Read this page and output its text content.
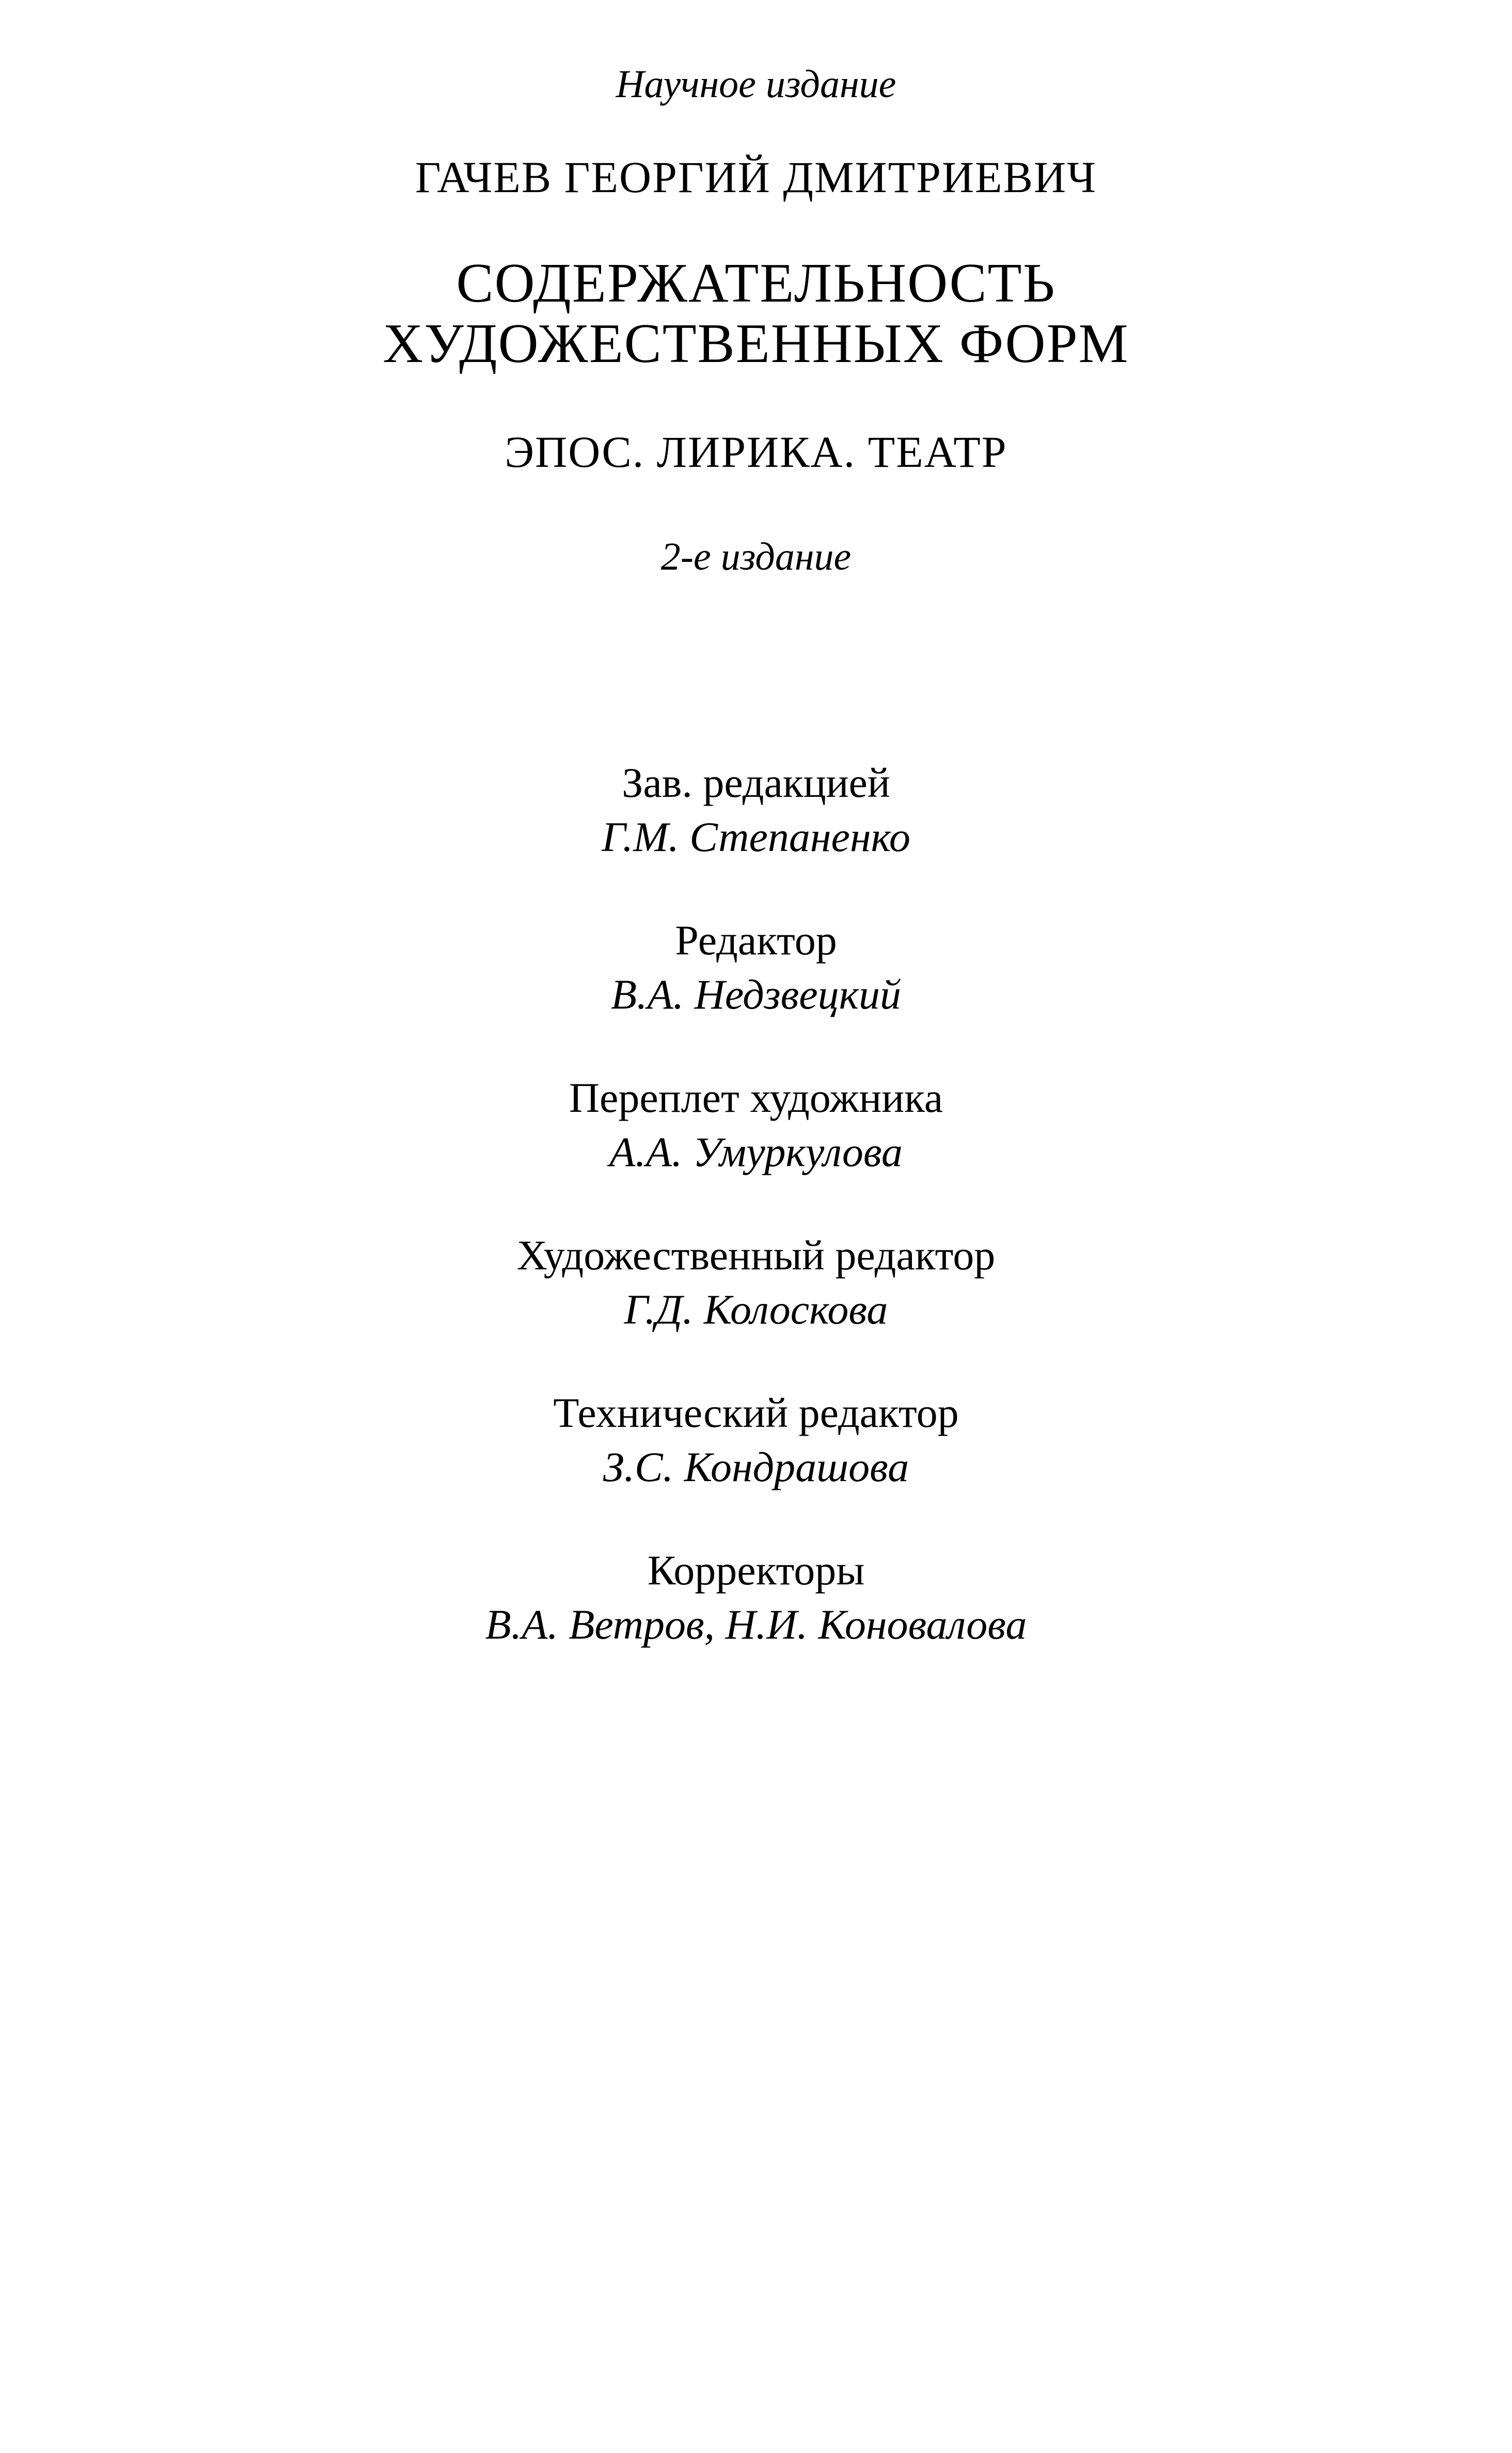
Научное издание
ГАЧЕВ ГЕОРГИЙ ДМИТРИЕВИЧ
СОДЕРЖАТЕЛЬНОСТЬ
ХУДОЖЕСТВЕННЫХ ФОРМ
ЭПОС. ЛИРИКА. ТЕАТР
2-е издание
Зав. редакцией
Г.М. Степаненко
Редактор
В.А. Недзвецкий
Переплет художника
А.А. Умуркулова
Художественный редактор
Г.Д. Колоскова
Технический редактор
З.С. Кондрашова
Корректоры
В.А. Ветров, Н.И. Коновалова
